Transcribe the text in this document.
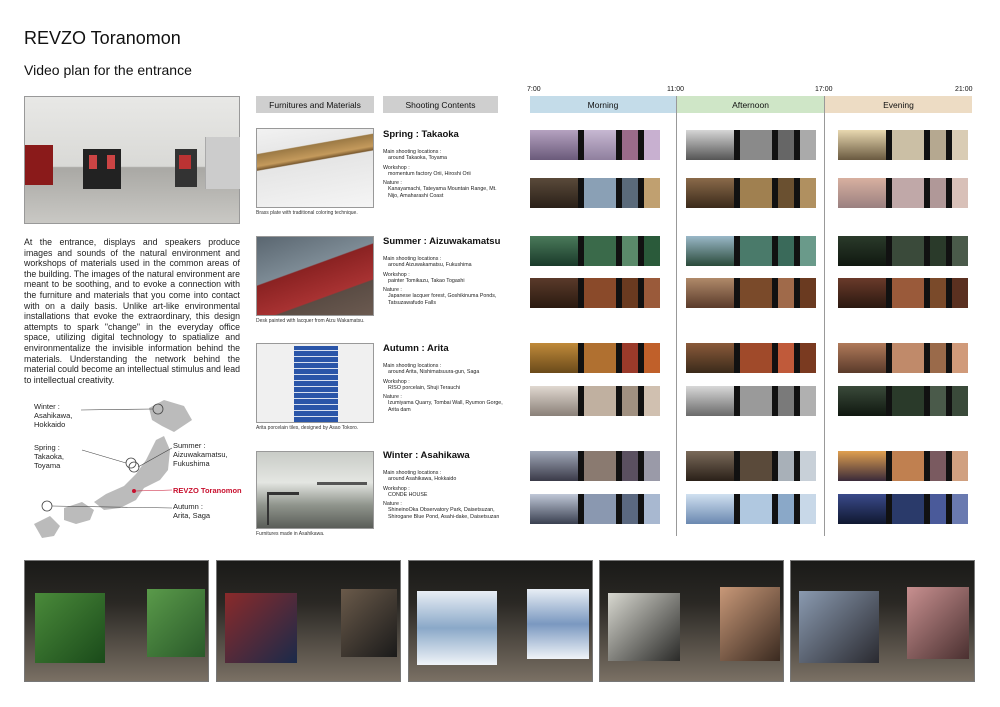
REVZO Toranomon
Video plan for the entrance
At the entrance, displays and speakers produce images and sounds of the natural environment and workshops of materials used in the common areas of the building. The images of the natural environment are meant to be soothing, and to evoke a connection with the furniture and materials that you come into contact with on a daily basis. Unlike art-like environmental installations that evoke the extraordinary, this design attempts to spark "change" in the everyday office space, utilizing digital technology to spatialize and environmentalize the invisible information behind the materials. Understanding the network behind the material could become an intellectual stimulus and lead to intellectual creativity.
Winter :
Asahikawa,
Hokkaido
Spring :
Takaoka,
Toyama
Summer :
Aizuwakamatsu,
Fukushima
REVZO Toranomon
Autumn :
Arita, Saga
Furnitures and Materials	Shooting Contents
Brass plate with traditional coloring technique.
Desk painted with lacquer from Aizu Wakamatsu.
Arita porcelain tiles, designed by Asao Tokoro.
Furnitures made in Asahikawa.
Spring : Takaoka
Main shooting locations :
around Takaoka, Toyama
Workshop :
momentum factory Orii, Hiroshi Orii
Nature :
Kanayamachi, Tateyama Mountain Range, Mt. Nijo, Amaharashi Coast
Summer : Aizuwakamatsu
Main shooting locations :
around Aizuwakamatsu, Fukushima
Workshop :
painter Tomikazu, Takao Togashi
Nature :
Japanese lacquer forest, Goshikinuma Ponds, Tatsuzawafudo Falls
Autumn : Arita
Main shooting locations :
around Arita, Nishimatsuura-gun, Saga
Workshop :
RISO porcelain, Shuji Terauchi
Nature :
Izumiyama Quarry, Tombai Wall, Ryumon Gorge, Arita dam
Winter : Asahikawa
Main shooting locations :
around Asahikawa, Hokkaido
Workshop :
CONDE HOUSE
Nature :
ShineinoOka Observatory Park, Daisetsuzan, Shirogane Blue Pond, Asahi-dake, Daisetsuzan
7:00	11:00	17:00	21:00
Morning	Afternoon	Evening
